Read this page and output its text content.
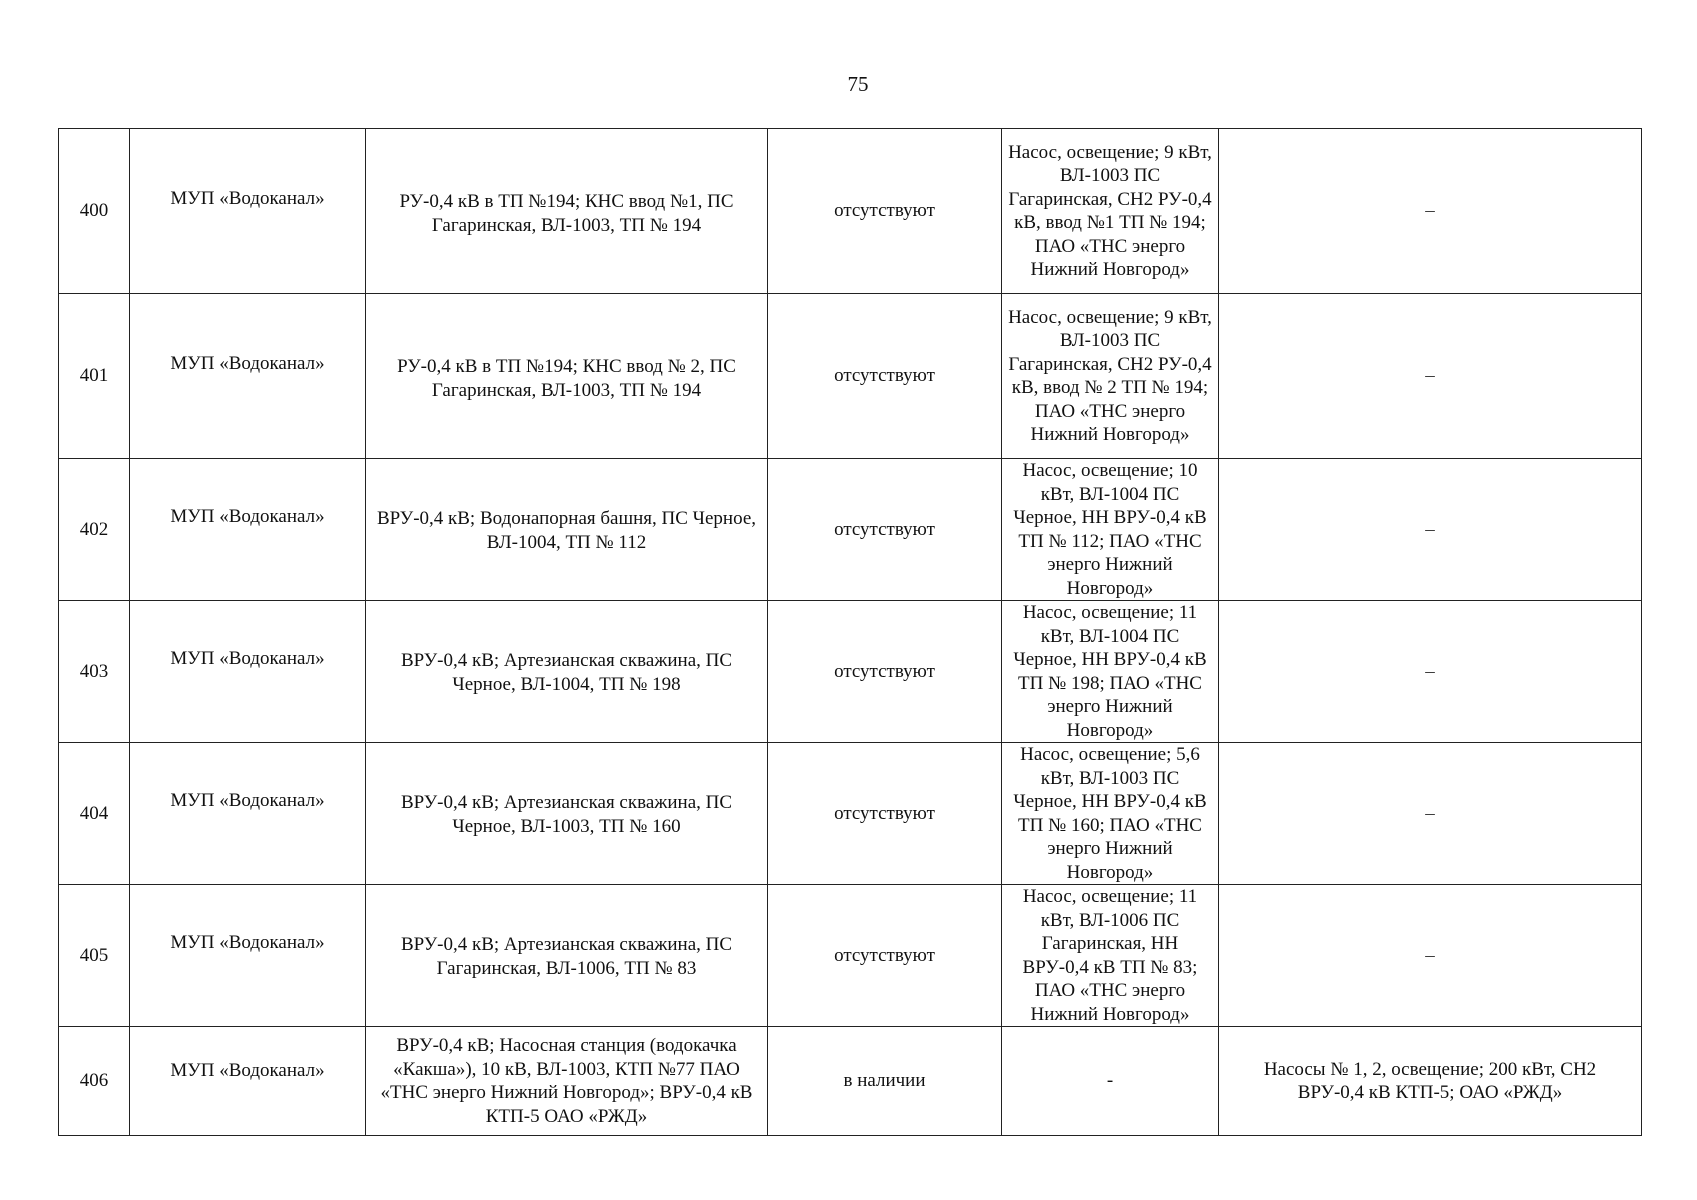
75
400	МУП «Водоканал»	РУ-0,4 кВ в ТП №194; КНС ввод №1, ПС Гагаринская, ВЛ-1003, ТП № 194	отсутствуют	Насос, освещение; 9 кВт, ВЛ-1003 ПС Гагаринская, СН2 РУ-0,4 кВ, ввод №1 ТП № 194; ПАО «ТНС энерго Нижний Новгород»	–
401	МУП «Водоканал»	РУ-0,4 кВ в ТП №194; КНС ввод № 2, ПС Гагаринская, ВЛ-1003, ТП № 194	отсутствуют	Насос, освещение; 9 кВт, ВЛ-1003 ПС Гагаринская, СН2 РУ-0,4 кВ, ввод № 2 ТП № 194; ПАО «ТНС энерго Нижний Новгород»	–
402	МУП «Водоканал»	ВРУ-0,4 кВ; Водонапорная башня, ПС Черное, ВЛ-1004, ТП № 112	отсутствуют	Насос, освещение; 10 кВт, ВЛ-1004 ПС Черное, НН ВРУ-0,4 кВ ТП № 112; ПАО «ТНС энерго Нижний Новгород»	–
403	МУП «Водоканал»	ВРУ-0,4 кВ; Артезианская скважина, ПС Черное, ВЛ-1004, ТП № 198	отсутствуют	Насос, освещение; 11 кВт, ВЛ-1004 ПС Черное, НН ВРУ-0,4 кВ ТП № 198; ПАО «ТНС энерго Нижний Новгород»	–
404	МУП «Водоканал»	ВРУ-0,4 кВ; Артезианская скважина, ПС Черное, ВЛ-1003, ТП № 160	отсутствуют	Насос, освещение; 5,6 кВт, ВЛ-1003 ПС Черное, НН ВРУ-0,4 кВ ТП № 160; ПАО «ТНС энерго Нижний Новгород»	–
405	МУП «Водоканал»	ВРУ-0,4 кВ; Артезианская скважина, ПС Гагаринская, ВЛ-1006, ТП № 83	отсутствуют	Насос, освещение; 11 кВт, ВЛ-1006 ПС Гагаринская, НН ВРУ-0,4 кВ ТП № 83; ПАО «ТНС энерго Нижний Новгород»	–
406	МУП «Водоканал»	ВРУ-0,4 кВ; Насосная станция (водокачка «Какша»), 10 кВ, ВЛ-1003, КТП №77 ПАО «ТНС энерго Нижний Новгород»; ВРУ-0,4 кВ КТП-5 ОАО «РЖД»	в наличии	-	Насосы № 1, 2, освещение; 200 кВт, СН2 ВРУ-0,4 кВ КТП-5; ОАО «РЖД»
